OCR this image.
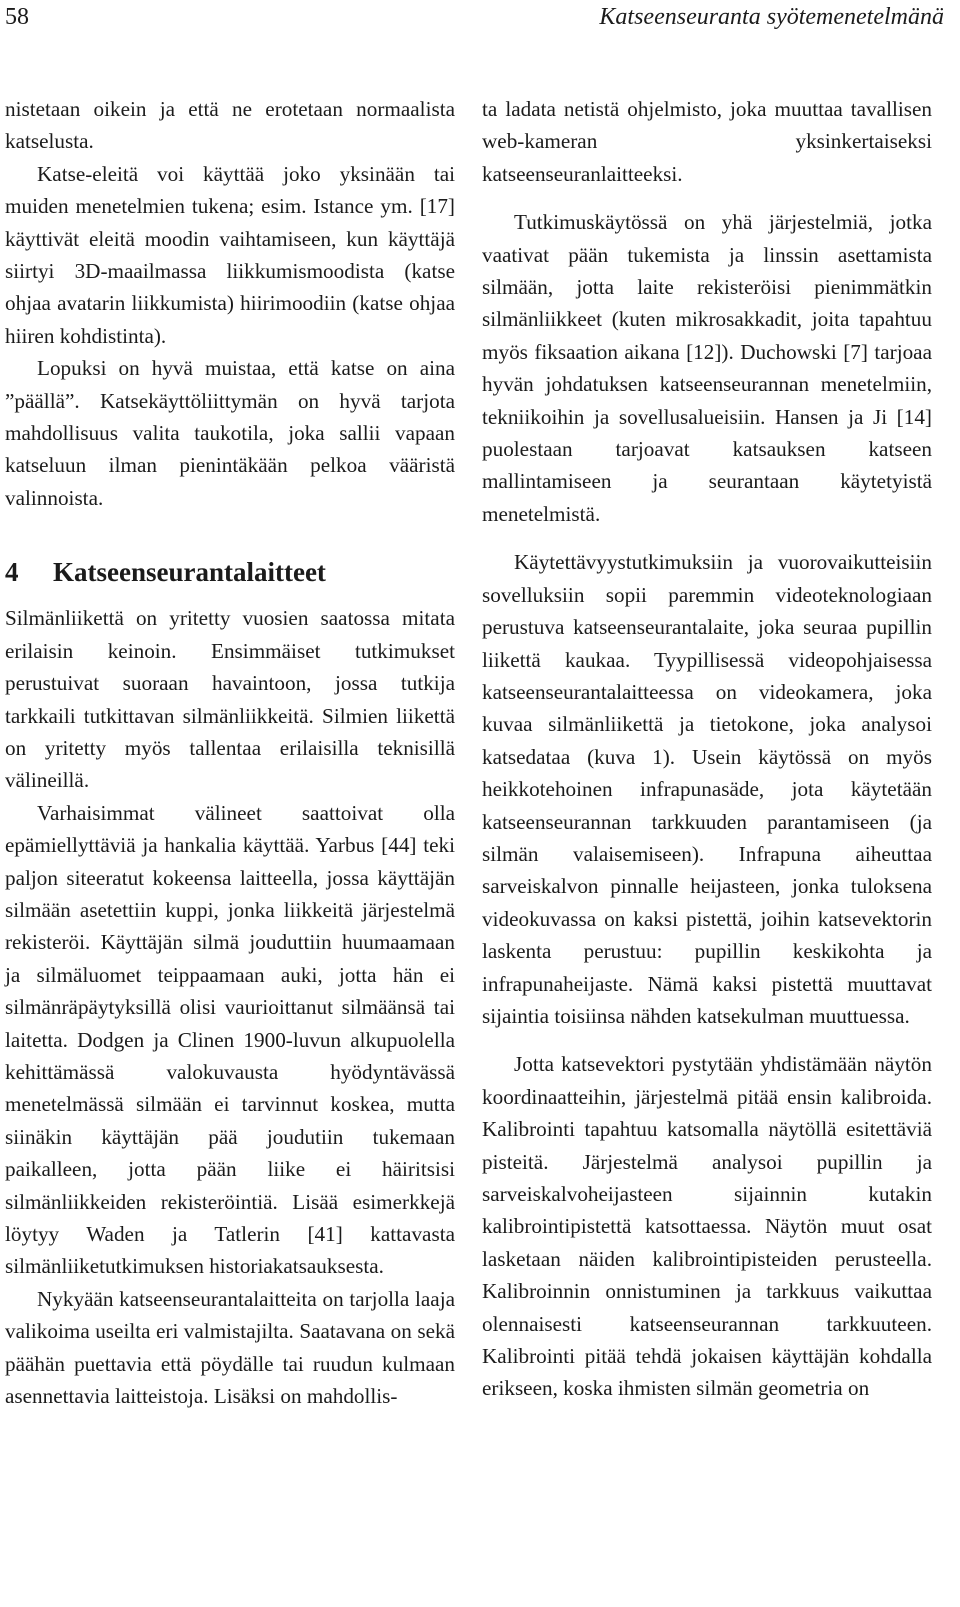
58	Katseenseuranta syötemenetelmänä

nistetaan oikein ja että ne erotetaan normaalista katselusta.

Katse-eleitä voi käyttää joko yksinään tai muiden menetelmien tukena; esim. Istance ym. [17] käyttivät eleitä moodin vaihtamiseen, kun käyttäjä siirtyi 3D-maailmassa liikkumismoodista (katse ohjaa avatarin liikkumista) hiirimoodiin (katse ohjaa hiiren kohdistinta).

Lopuksi on hyvä muistaa, että katse on aina ”päällä”. Katsekäyttöliittymän on hyvä tarjota mahdollisuus valita taukotila, joka sallii vapaan katseluun ilman pienintäkään pelkoa vääristä valinnoista.

4 Katseenseurantalaitteet

Silmänliikettä on yritetty vuosien saatossa mitata erilaisin keinoin. Ensimmäiset tutkimukset perustuivat suoraan havaintoon, jossa tutkija tarkkaili tutkittavan silmänliikkeitä. Silmien liikettä on yritetty myös tallentaa erilaisilla teknisillä välineillä.

Varhaisimmat välineet saattoivat olla epämiellyttäviä ja hankalia käyttää. Yarbus [44] teki paljon siteeratut kokeensa laitteella, jossa käyttäjän silmään asetettiin kuppi, jonka liikkeitä järjestelmä rekisteröi. Käyttäjän silmä jouduttiin huumaamaan ja silmäluomet teippaamaan auki, jotta hän ei silmänräpäytyksillä olisi vaurioittanut silmäänsä tai laitetta. Dodgen ja Clinen 1900-luvun alkupuolella kehittämässä valokuvausta hyödyntävässä menetelmässä silmään ei tarvinnut koskea, mutta siinäkin käyttäjän pää joudutiin tukemaan paikalleen, jotta pään liike ei häiritsisi silmänliikkeiden rekisteröintiä. Lisää esimerkkejä löytyy Waden ja Tatlerin [41] kattavasta silmänliiketutkimuksen historiakatsauksesta.

Nykyään katseenseurantalaitteita on tarjolla laaja valikoima useilta eri valmistajilta. Saatavana on sekä päähän puettavia että pöydälle tai ruudun kulmaan asennettavia laitteistoja. Lisäksi on mahdollis-

ta ladata netistä ohjelmisto, joka muuttaa tavallisen web-kameran yksinkertaiseksi katseenseuranlaitteeksi.

Tutkimuskäytössä on yhä järjestelmiä, jotka vaativat pään tukemista ja linssin asettamista silmään, jotta laite rekisteröisi pienimmätkin silmänliikkeet (kuten mikrosakkadit, joita tapahtuu myös fiksaation aikana [12]). Duchowski [7] tarjoaa hyvän johdatuksen katseenseurannan menetelmiin, tekniikoihin ja sovellusalueisiin. Hansen ja Ji [14] puolestaan tarjoavat katsauksen katseen mallintamiseen ja seurantaan käytetyistä menetelmistä.

Käytettävyystutkimuksiin ja vuorovaikutteisiin sovelluksiin sopii paremmin videoteknologiaan perustuva katseenseurantalaite, joka seuraa pupillin liikettä kaukaa. Tyypillisessä videopohjaisessa katseenseurantalaitteessa on videokamera, joka kuvaa silmänliikettä ja tietokone, joka analysoi katsedataa (kuva 1). Usein käytössä on myös heikkotehoinen infrapunasäde, jota käytetään katseenseurannan tarkkuuden parantamiseen (ja silmän valaisemiseen). Infrapuna aiheuttaa sarveiskalvon pinnalle heijasteen, jonka tuloksena videokuvassa on kaksi pistettä, joihin katsevektorin laskenta perustuu: pupillin keskikohta ja infrapunaheijaste. Nämä kaksi pistettä muuttavat sijaintia toisiinsa nähden katsekulman muuttuessa.

Jotta katsevektori pystytään yhdistämään näytön koordinaatteihin, järjestelmä pitää ensin kalibroida. Kalibrointi tapahtuu katsomalla näytöllä esitettäviä pisteitä. Järjestelmä analysoi pupillin ja sarveiskalvoheijasteen sijainnin kutakin kalibrointipistettä katsottaessa. Näytön muut osat lasketaan näiden kalibrointipisteiden perusteella. Kalibroinnin onnistuminen ja tarkkuus vaikuttaa olennaisesti katseenseurannan tarkkuuteen. Kalibrointi pitää tehdä jokaisen käyttäjän kohdalla erikseen, koska ihmisten silmän geometria on
